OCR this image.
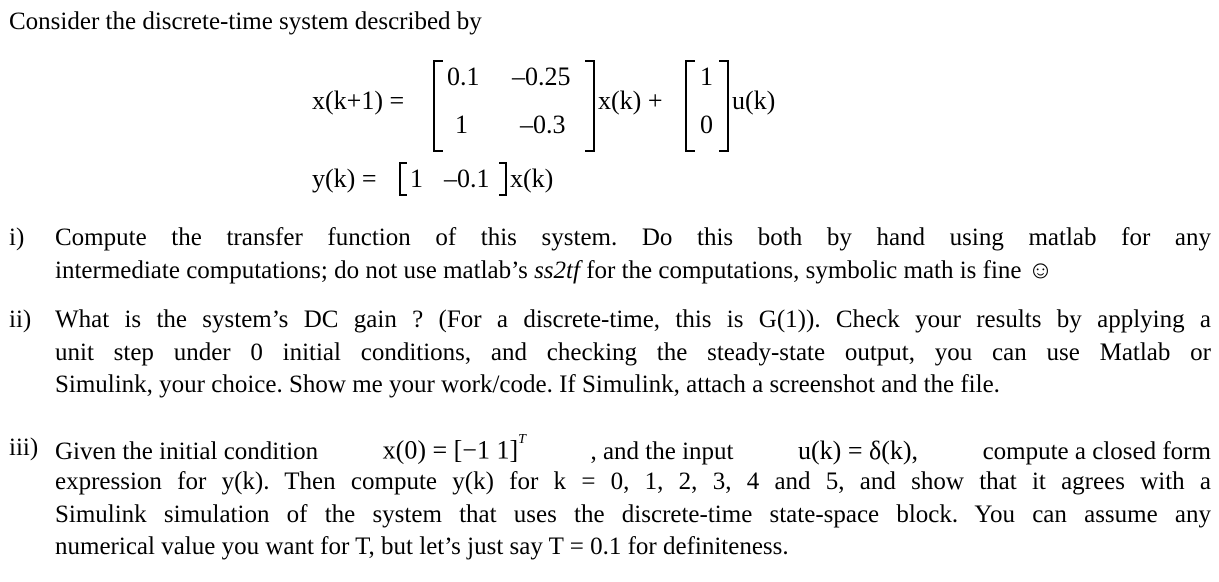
Consider the discrete-time system described by
x(k+1) =
0.1 –0.25
1 –0.3
x(k) +
1
0
u(k)
y(k) = 1 –0.1 x(k)
i) Compute the transfer function of this system. Do this both by hand using matlab for any
intermediate computations; do not use matlab’s ss2tf for the computations, symbolic math is fine ☺
ii) What is the system’s DC gain ? (For a discrete-time, this is G(1)). Check your results by applying a
unit step under 0 initial conditions, and checking the steady-state output, you can use Matlab or
Simulink, your choice. Show me your work/code. If Simulink, attach a screenshot and the file.
iii) Given the initial condition x(0) = [−1 1]$^T$	, and the input u(k) = δ(k),	compute a closed form
expression for y(k). Then compute y(k) for k = 0, 1, 2, 3, 4 and 5, and show that it agrees with a
Simulink simulation of the system that uses the discrete-time state-space block. You can assume any
numerical value you want for T, but let’s just say T = 0.1 for definiteness.
